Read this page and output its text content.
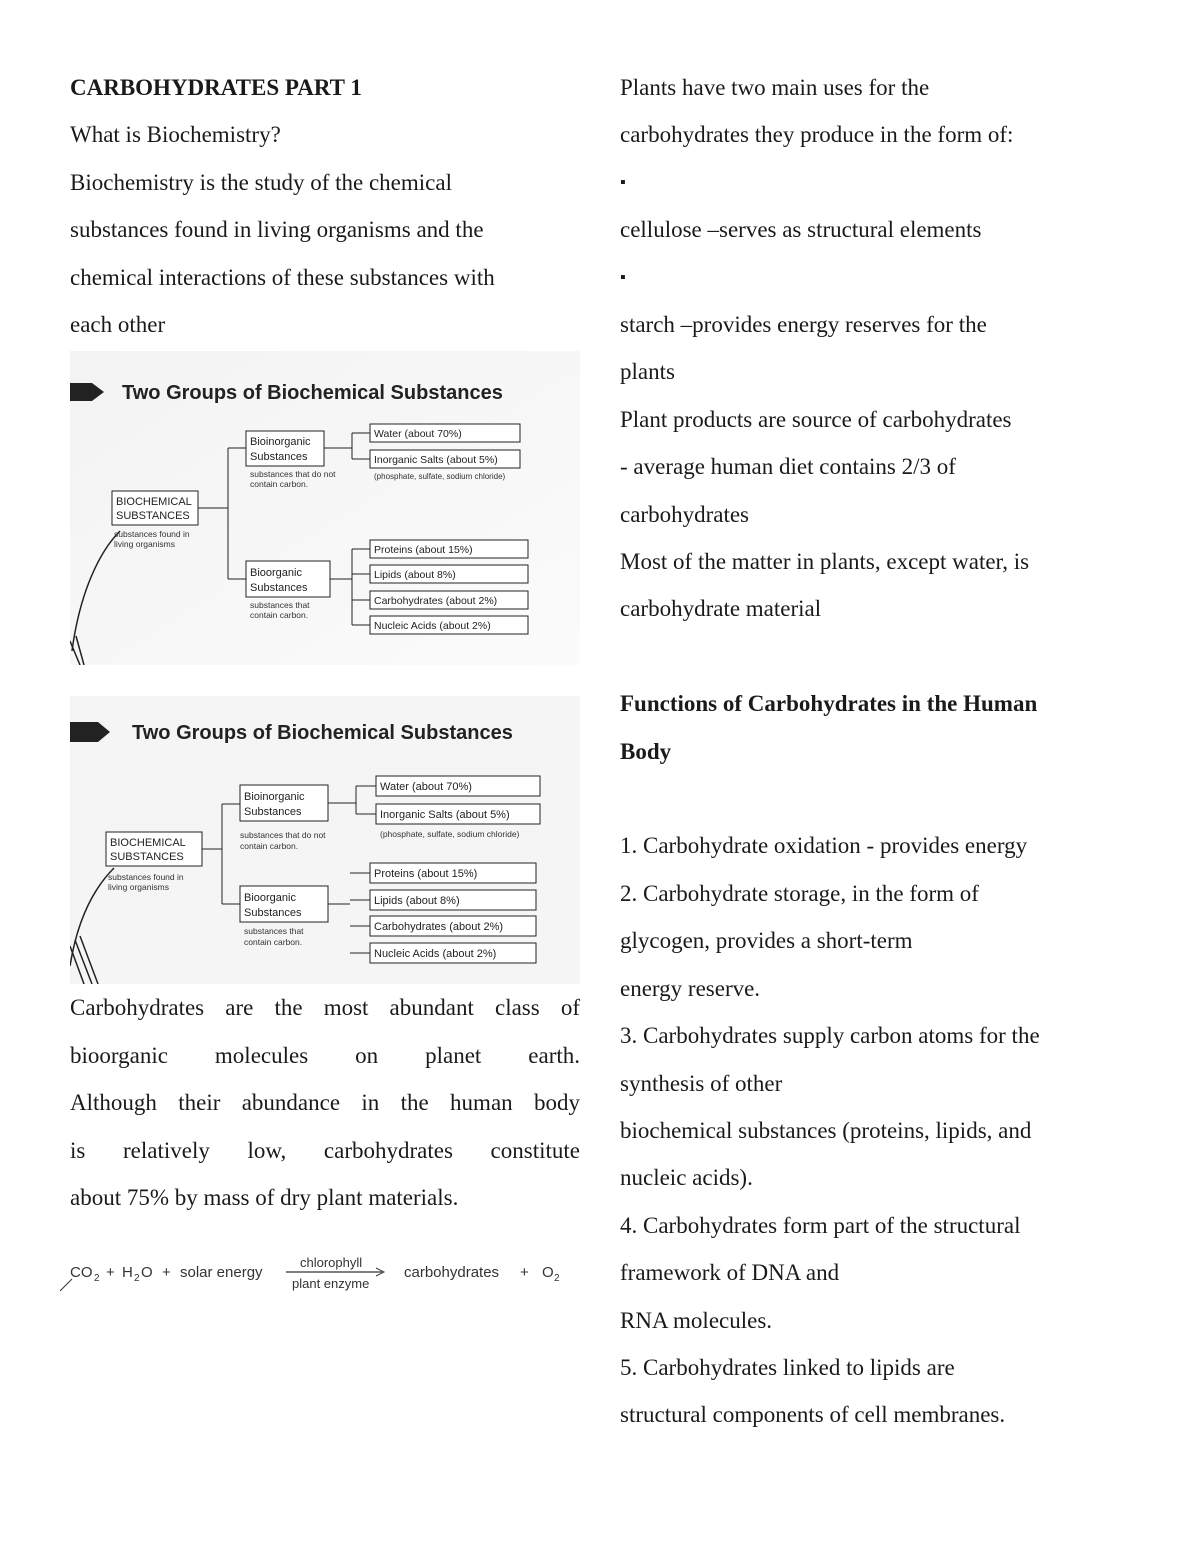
CARBOHYDRATES PART 1
What is Biochemistry?
Biochemistry is the study of the chemical
substances found in living organisms and the
chemical interactions of these substances with
each other
Two Groups of Biochemical Substances
BIOCHEMICAL
SUBSTANCES
substances found in
living organisms
Bioinorganic
Substances
substances that do not
contain carbon.
Water (about 70%)
Inorganic Salts (about 5%)
(phosphate, sulfate, sodium chloride)
Bioorganic
Substances
substances that
contain carbon.
Proteins (about 15%)
Lipids (about 8%)
Carbohydrates (about 2%)
Nucleic Acids (about 2%)
Two Groups of Biochemical Substances
BIOCHEMICAL
SUBSTANCES
substances found in
living organisms
Bioinorganic
Substances
substances that do not
contain carbon.
Water (about 70%)
Inorganic Salts (about 5%)
(phosphate, sulfate, sodium chloride)
Bioorganic
Substances
substances that
contain carbon.
Proteins (about 15%)
Lipids (about 8%)
Carbohydrates (about 2%)
Nucleic Acids (about 2%)
Carbohydrates are the most abundant class of
bioorganic molecules on planet earth.
Although their abundance in the human body
is relatively low, carbohydrates constitute
about 75% by mass of dry plant materials.
CO 2 + H 2 O + solar energy
chlorophyll
plant enzyme
carbohydrates + O 2
Plants have two main uses for the
carbohydrates they produce in the form of:
▪
cellulose –serves as structural elements
▪
starch –provides energy reserves for the
plants
Plant products are source of carbohydrates
- average human diet contains 2/3 of
carbohydrates
Most of the matter in plants, except water, is
carbohydrate material
Functions of Carbohydrates in the Human
Body
1. Carbohydrate oxidation - provides energy
2. Carbohydrate storage, in the form of
glycogen, provides a short-term
energy reserve.
3. Carbohydrates supply carbon atoms for the
synthesis of other
biochemical substances (proteins, lipids, and
nucleic acids).
4. Carbohydrates form part of the structural
framework of DNA and
RNA molecules.
5. Carbohydrates linked to lipids are
structural components of cell membranes.
